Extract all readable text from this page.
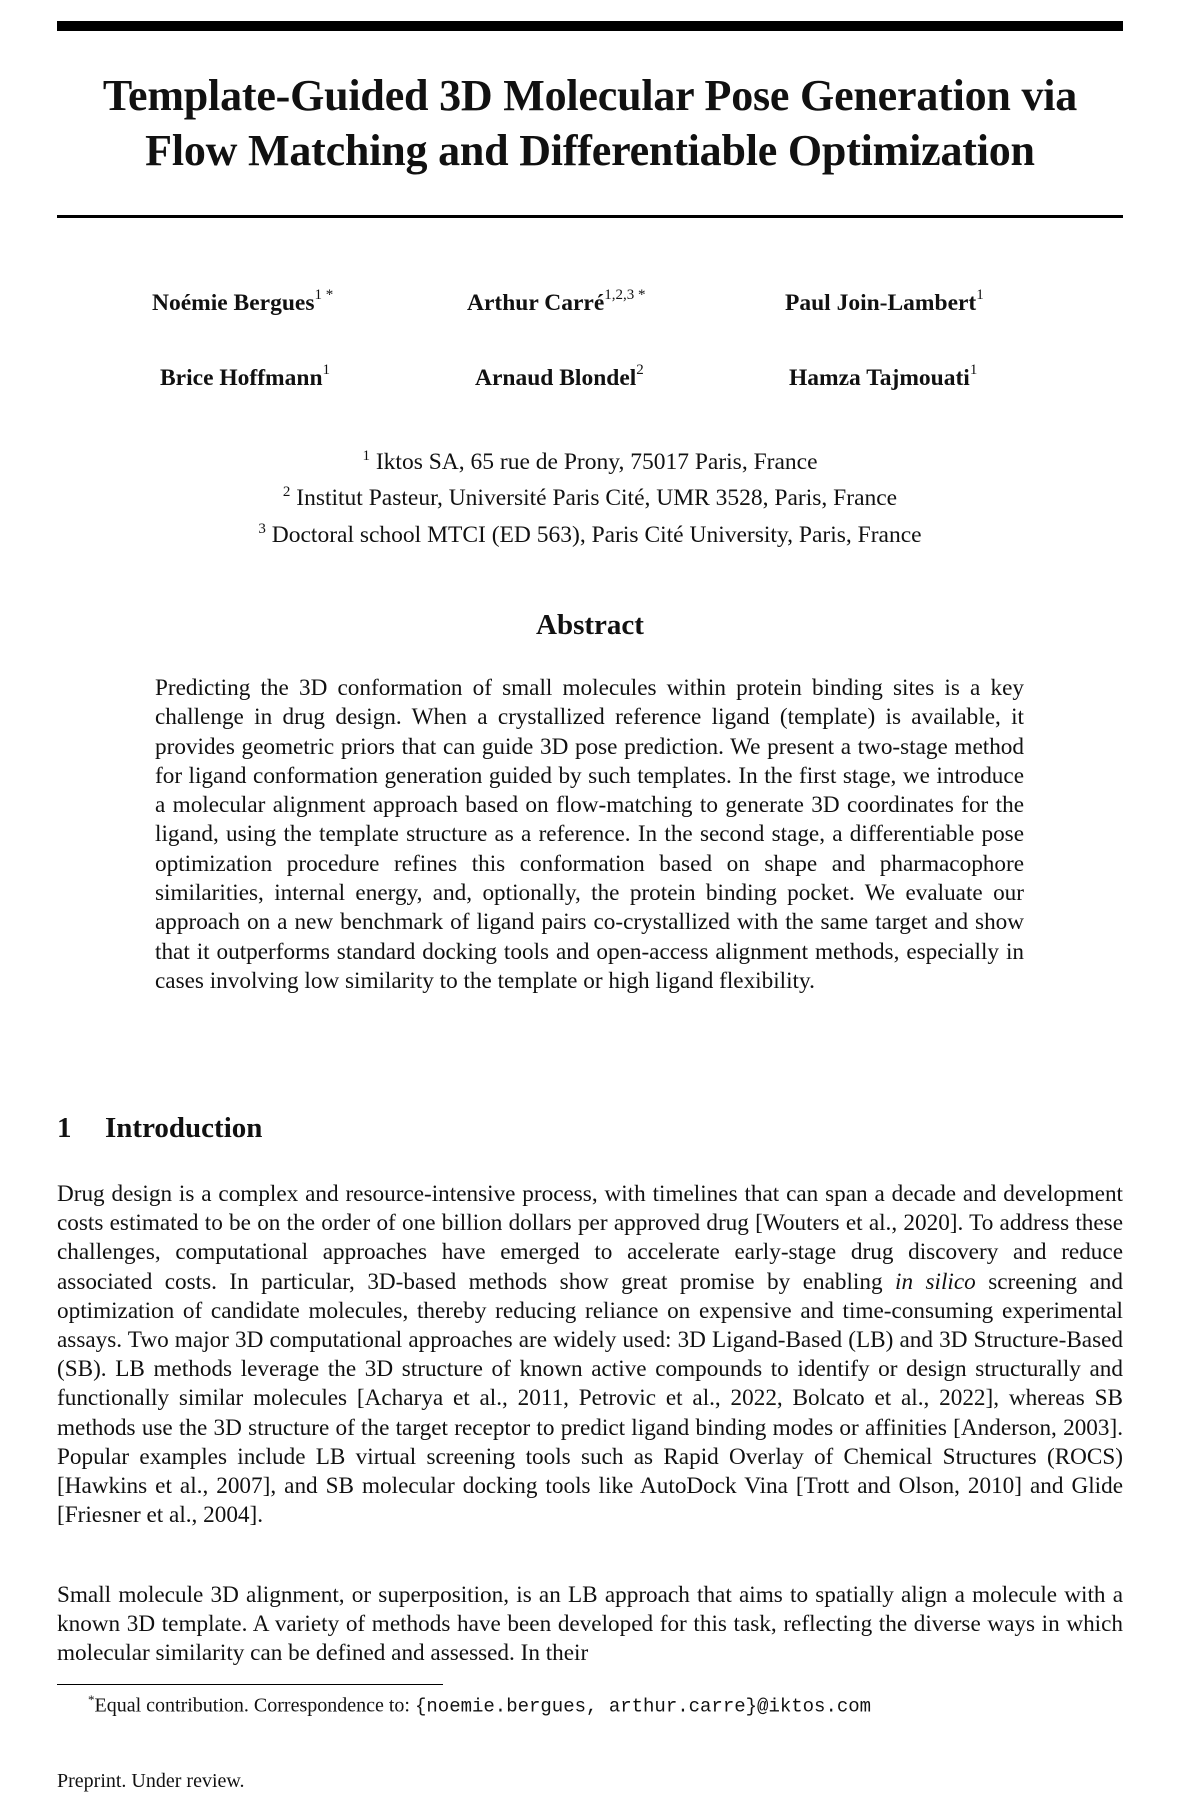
Template-Guided 3D Molecular Pose Generation via
Flow Matching and Differentiable Optimization
Noémie Bergues$^{1 *}$	Arthur Carré$^{1,2,3 *}$	Paul Join-Lambert$^1$
Brice Hoffmann$^1$	Arnaud Blondel$^2$	Hamza Tajmouati$^1$
$^1$ Iktos SA, 65 rue de Prony, 75017 Paris, France
$^2$ Institut Pasteur, Université Paris Cité, UMR 3528, Paris, France
$^3$ Doctoral school MTCI (ED 563), Paris Cité University, Paris, France
Abstract

Predicting the 3D conformation of small molecules within protein binding sites is a key challenge in drug design. When a crystallized reference ligand (template) is available, it provides geometric priors that can guide 3D pose prediction. We present a two-stage method for ligand conformation generation guided by such templates. In the first stage, we introduce a molecular alignment approach based on flow-matching to generate 3D coordinates for the ligand, using the template structure as a reference. In the second stage, a differentiable pose optimization procedure refines this conformation based on shape and pharmacophore similarities, internal energy, and, optionally, the protein binding pocket. We evaluate our approach on a new benchmark of ligand pairs co-crystallized with the same target and show that it outperforms standard docking tools and open-access alignment methods, especially in cases involving low similarity to the template or high ligand flexibility.

1 Introduction

Drug design is a complex and resource-intensive process, with timelines that can span a decade and development costs estimated to be on the order of one billion dollars per approved drug [Wouters et al., 2020]. To address these challenges, computational approaches have emerged to accelerate early-stage drug discovery and reduce associated costs. In particular, 3D-based methods show great promise by enabling in silico screening and optimization of candidate molecules, thereby reducing reliance on expensive and time-consuming experimental assays. Two major 3D computational approaches are widely used: 3D Ligand-Based (LB) and 3D Structure-Based (SB). LB methods leverage the 3D structure of known active compounds to identify or design structurally and functionally similar molecules [Acharya et al., 2011, Petrovic et al., 2022, Bolcato et al., 2022], whereas SB methods use the 3D structure of the target receptor to predict ligand binding modes or affinities [Anderson, 2003]. Popular examples include LB virtual screening tools such as Rapid Overlay of Chemical Structures (ROCS) [Hawkins et al., 2007], and SB molecular docking tools like AutoDock Vina [Trott and Olson, 2010] and Glide [Friesner et al., 2004].

Small molecule 3D alignment, or superposition, is an LB approach that aims to spatially align a molecule with a known 3D template. A variety of methods have been developed for this task, reflecting the diverse ways in which molecular similarity can be defined and assessed. In their

*Equal contribution. Correspondence to: {noemie.bergues, arthur.carre}@iktos.com
Preprint. Under review.
